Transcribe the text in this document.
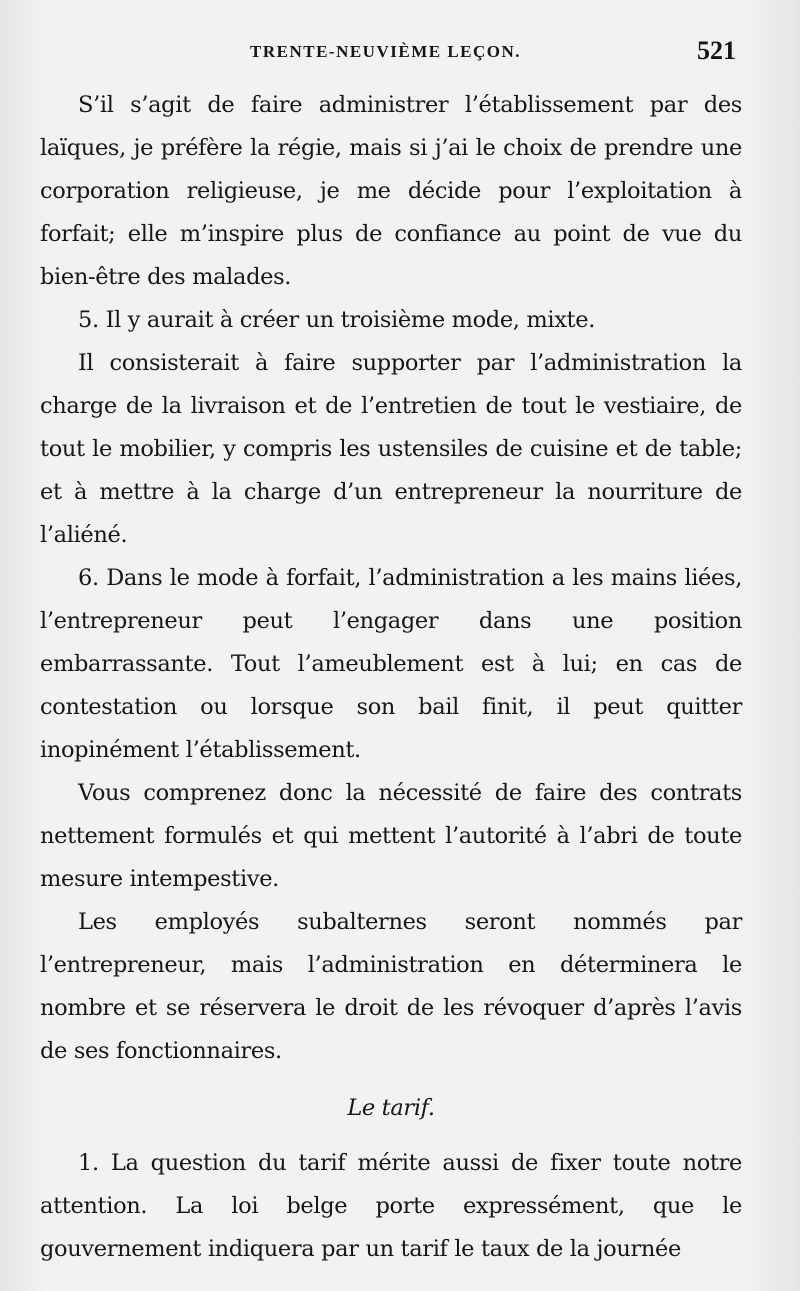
TRENTE-NEUVIÈME LEÇON.	521

S’il s’agit de faire administrer l’établissement par des laïques, je préfère la régie, mais si j’ai le choix de prendre une corporation religieuse, je me décide pour l’exploitation à forfait; elle m’inspire plus de confiance au point de vue du bien-être des malades.

5. Il y aurait à créer un troisième mode, mixte.

Il consisterait à faire supporter par l’administration la charge de la livraison et de l’entretien de tout le vestiaire, de tout le mobilier, y compris les ustensiles de cuisine et de table; et à mettre à la charge d’un entrepreneur la nourriture de l’aliéné.

6. Dans le mode à forfait, l’administration a les mains liées, l’entrepreneur peut l’engager dans une position embarrassante. Tout l’ameublement est à lui; en cas de contestation ou lorsque son bail finit, il peut quitter inopinément l’établissement.

Vous comprenez donc la nécessité de faire des contrats nettement formulés et qui mettent l’autorité à l’abri de toute mesure intempestive.

Les employés subalternes seront nommés par l’entrepreneur, mais l’administration en déterminera le nombre et se réservera le droit de les révoquer d’après l’avis de ses fonctionnaires.

Le tarif.

1. La question du tarif mérite aussi de fixer toute notre attention. La loi belge porte expressément, que le gouvernement indiquera par un tarif le taux de la journée
